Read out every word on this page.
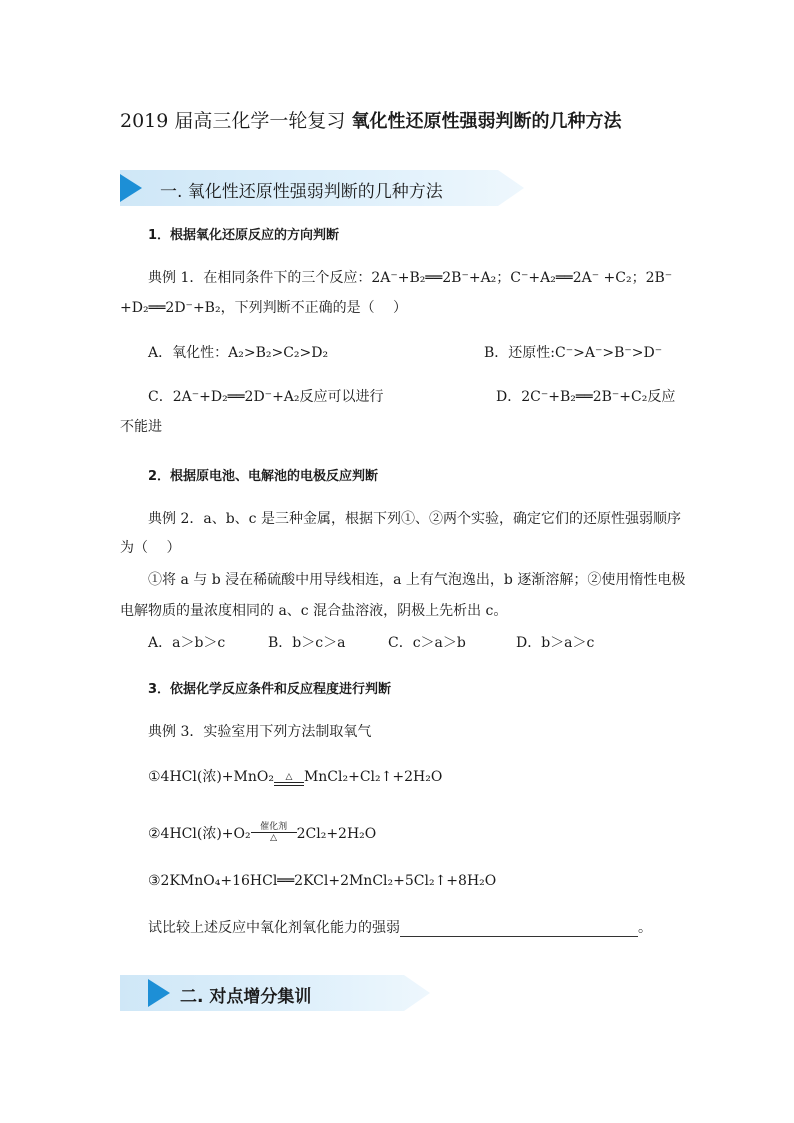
2019 届高三化学一轮复习 氧化性还原性强弱判断的几种方法
一. 氧化性还原性强弱判断的几种方法
1．根据氧化还原反应的方向判断
典例 1．在相同条件下的三个反应：2A⁻+B₂══2B⁻+A₂；C⁻+A₂══2A⁻ +C₂；2B⁻
+D₂══2D⁻+B₂，下列判断不正确的是（　 ）
A．氧化性：A₂>B₂>C₂>D₂	B．还原性:C⁻>A⁻>B⁻>D⁻
C．2A⁻+D₂══2D⁻+A₂反应可以进行	D．2C⁻+B₂══2B⁻+C₂反应
不能进
2．根据原电池、电解池的电极反应判断
典例 2．a、b、c 是三种金属，根据下列①、②两个实验，确定它们的还原性强弱顺序
为（　 ）
①将 a 与 b 浸在稀硫酸中用导线相连，a 上有气泡逸出，b 逐渐溶解；②使用惰性电极
电解物质的量浓度相同的 a、c 混合盐溶液，阴极上先析出 c。
A．a＞b＞c	B．b＞c＞a	C．c＞a＞b	D．b＞a＞c
3．依据化学反应条件和反应程度进行判断
典例 3．实验室用下列方法制取氧气
①4HCl(浓)+MnO₂	△ MnCl₂+Cl₂↑+2H₂O
②4HCl(浓)+O₂	催化剂
△	2Cl₂+2H₂O
③2KMnO₄+16HCl══2KCl+2MnCl₂+5Cl₂↑+8H₂O
试比较上述反应中氧化剂氧化能力的强弱	。
二. 对点增分集训
